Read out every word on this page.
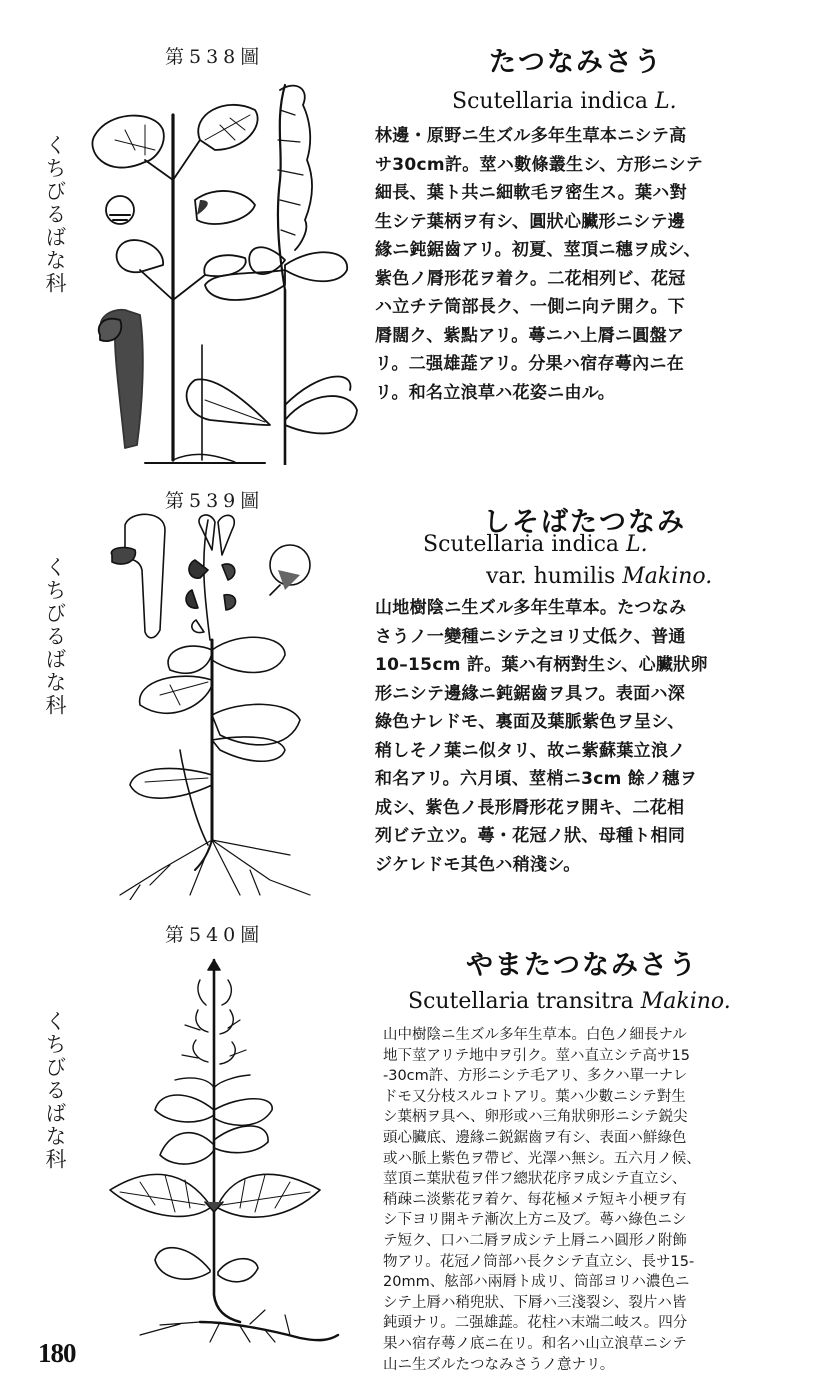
第538圖
くちびるばな科
たつなみさう
Scutellaria indica L.
林邊・原野ニ生ズル多年生草本ニシテ高
サ30cm許。莖ハ數條叢生シ、方形ニシテ
細長、葉ト共ニ細軟毛ヲ密生ス。葉ハ對
生シテ葉柄ヲ有シ、圓狀心臟形ニシテ邊
緣ニ鈍鋸齒アリ。初夏、莖頂ニ穗ヲ成シ、
紫色ノ脣形花ヲ着ク。二花相列ビ、花冠
ハ立チテ筒部長ク、一側ニ向テ開ク。下
脣闊ク、紫點アリ。蕚ニハ上脣ニ圓盤ア
リ。二强雄蕋アリ。分果ハ宿存蕚內ニ在
リ。和名立浪草ハ花姿ニ由ル。
第539圖
くちびるばな科
しそばたつなみ
Scutellaria indica L.
var. humilis Makino.
山地樹陰ニ生ズル多年生草本。たつなみ
さうノ一變種ニシテ之ヨリ丈低ク、普通
10–15cm 許。葉ハ有柄對生シ、心臟狀卵
形ニシテ邊緣ニ鈍鋸齒ヲ具フ。表面ハ深
綠色ナレドモ、裏面及葉脈紫色ヲ呈シ、
稍しそノ葉ニ似タリ、故ニ紫蘇葉立浪ノ
和名アリ。六月頃、莖梢ニ3cm 餘ノ穗ヲ
成シ、紫色ノ長形脣形花ヲ開キ、二花相
列ビテ立ツ。蕚・花冠ノ狀、母種ト相同
ジケレドモ其色ハ稍淺シ。
第540圖
くちびるばな科
やまたつなみさう
Scutellaria transitra Makino.
山中樹陰ニ生ズル多年生草本。白色ノ細長ナル
地下莖アリテ地中ヲ引ク。莖ハ直立シテ高サ15
-30cm許、方形ニシテ毛アリ、多クハ單一ナレ
ドモ又分枝スルコトアリ。葉ハ少數ニシテ對生
シ葉柄ヲ具ヘ、卵形或ハ三角狀卵形ニシテ鋭尖
頭心臟底、邊緣ニ鋭鋸齒ヲ有シ、表面ハ鮮綠色
或ハ脈上紫色ヲ帶ビ、光澤ハ無シ。五六月ノ候、
莖頂ニ葉狀苞ヲ伴フ總狀花序ヲ成シテ直立シ、
稍疎ニ淡紫花ヲ着ケ、每花極メテ短キ小梗ヲ有
シ下ヨリ開キテ漸次上方ニ及ブ。蕚ハ綠色ニシ
テ短ク、口ハ二脣ヲ成シテ上脣ニハ圓形ノ附飾
物アリ。花冠ノ筒部ハ長クシテ直立シ、長サ15-
20mm、舷部ハ兩脣ト成リ、筒部ヨリハ濃色ニ
シテ上脣ハ稍兜狀、下脣ハ三淺裂シ、裂片ハ皆
鈍頭ナリ。二强雄蕋。花柱ハ末端二岐ス。四分
果ハ宿存蕚ノ底ニ在リ。和名ハ山立浪草ニシテ
山ニ生ズルたつなみさうノ意ナリ。
180
